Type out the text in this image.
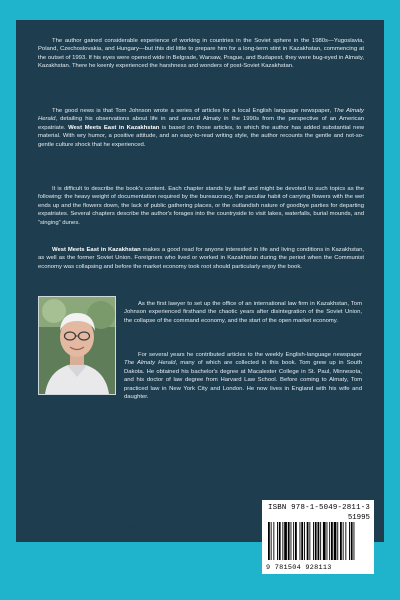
The author gained considerable experience of working in countries in the Soviet sphere in the 1980s—Yugoslavia, Poland, Czechoslovakia, and Hungary—but this did little to prepare him for a long-term stint in Kazakhstan, commencing at the outset of 1993. If his eyes were opened wide in Belgrade, Warsaw, Prague, and Budapest, they were bug-eyed in Almaty, Kazakhstan. There he keenly experienced the harshness and wonders of post-Soviet Kazakhstan.

The good news is that Tom Johnson wrote a series of articles for a local English language newspaper, The Almaty Herald, detailing his observations about life in and around Almaty in the 1990s from the perspective of an American expatriate. West Meets East in Kazakhstan is based on those articles, to which the author has added substantial new material. With wry humor, a positive attitude, and an easy-to-read writing style, the author recounts the gentle and not-so-gentle culture shock that he experienced.

It is difficult to describe the book's content. Each chapter stands by itself and might be devoted to such topics as the following: the heavy weight of documentation required by the bureaucracy, the peculiar habit of carrying flowers with the wet ends up and the flowers down, the lack of public gathering places, or the outlandish nature of goodbye parties for departing expatriates. Several chapters describe the author's forages into the countryside to visit lakes, waterfalls, burial mounds, and “singing” dunes.

West Meets East in Kazakhstan makes a good read for anyone interested in life and living conditions in Kazakhstan, as well as the former Soviet Union. Foreigners who lived or worked in Kazakhstan during the period when the Communist economy was collapsing and before the market economy took root should particularly enjoy the book.

As the first lawyer to set up the office of an international law firm in Kazakhstan, Tom Johnson experienced firsthand the chaotic years after disintegration of the Soviet Union, the collapse of the command economy, and the start of the open market economy.

For several years he contributed articles to the weekly English-language newspaper The Almaty Herald, many of which are collected in this book. Tom grew up in South Dakota. He obtained his bachelor's degree at Macalester College in St. Paul, Minnesota, and his doctor of law degree from Harvard Law School. Before coming to Almaty, Tom practiced law in New York City and London. He now lives in England with his wife and daughter.

authorHOUSE®
ISBN 978-1-5049-2811-3
51995
9 781504 928113
